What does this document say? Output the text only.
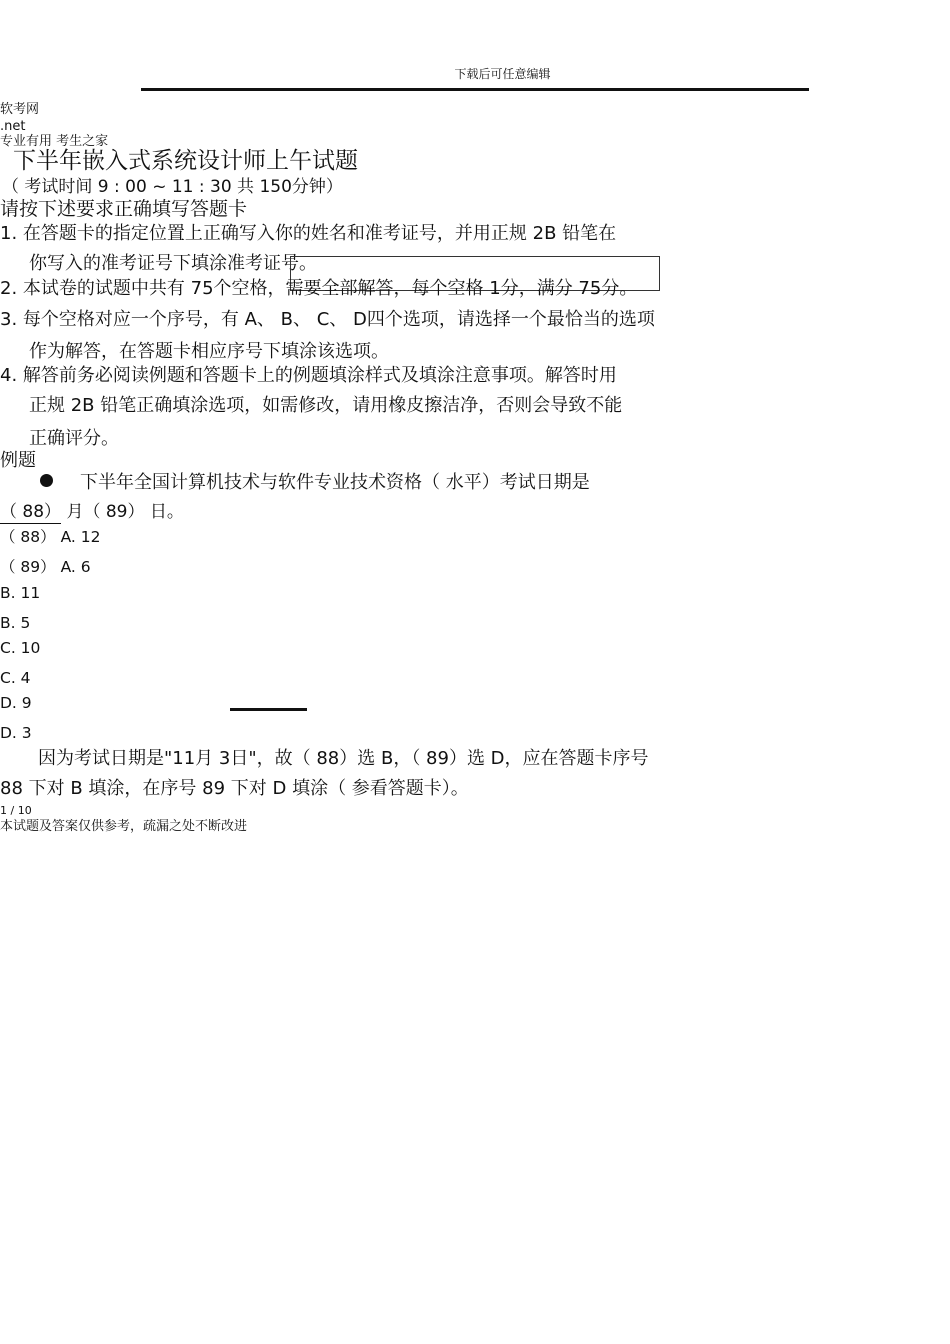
下载后可任意编辑
软考网
.net
专业有用 考生之家
下半年嵌入式系统设计师上午试题
（ 考试时间 9 : 00 ~ 11 : 30 共 150分钟）
请按下述要求正确填写答题卡
1. 在答题卡的指定位置上正确写入你的姓名和准考证号，并用正规 2B 铅笔在
你写入的准考证号下填涂准考证号。
2. 本试卷的试题中共有 75个空格，需要全部解答，每个空格 1分，满分 75分。
3. 每个空格对应一个序号，有 A、 B、 C、 D四个选项，请选择一个最恰当的选项
作为解答，在答题卡相应序号下填涂该选项。
4. 解答前务必阅读例题和答题卡上的例题填涂样式及填涂注意事项。解答时用
正规 2B 铅笔正确填涂选项，如需修改，请用橡皮擦洁净，否则会导致不能
正确评分。
例题
下半年全国计算机技术与软件专业技术资格（ 水平）考试日期是
（ 88） 月（ 89） 日。
（ 88） A. 12
（ 89） A. 6
B. 11
B. 5
C. 10
C. 4
D. 9
D. 3
因为考试日期是"11月 3日"，故（ 88）选 B，（ 89）选 D，应在答题卡序号
88 下对 B 填涂，在序号 89 下对 D 填涂（ 参看答题卡）。
1 / 10
本试题及答案仅供参考，疏漏之处不断改进
